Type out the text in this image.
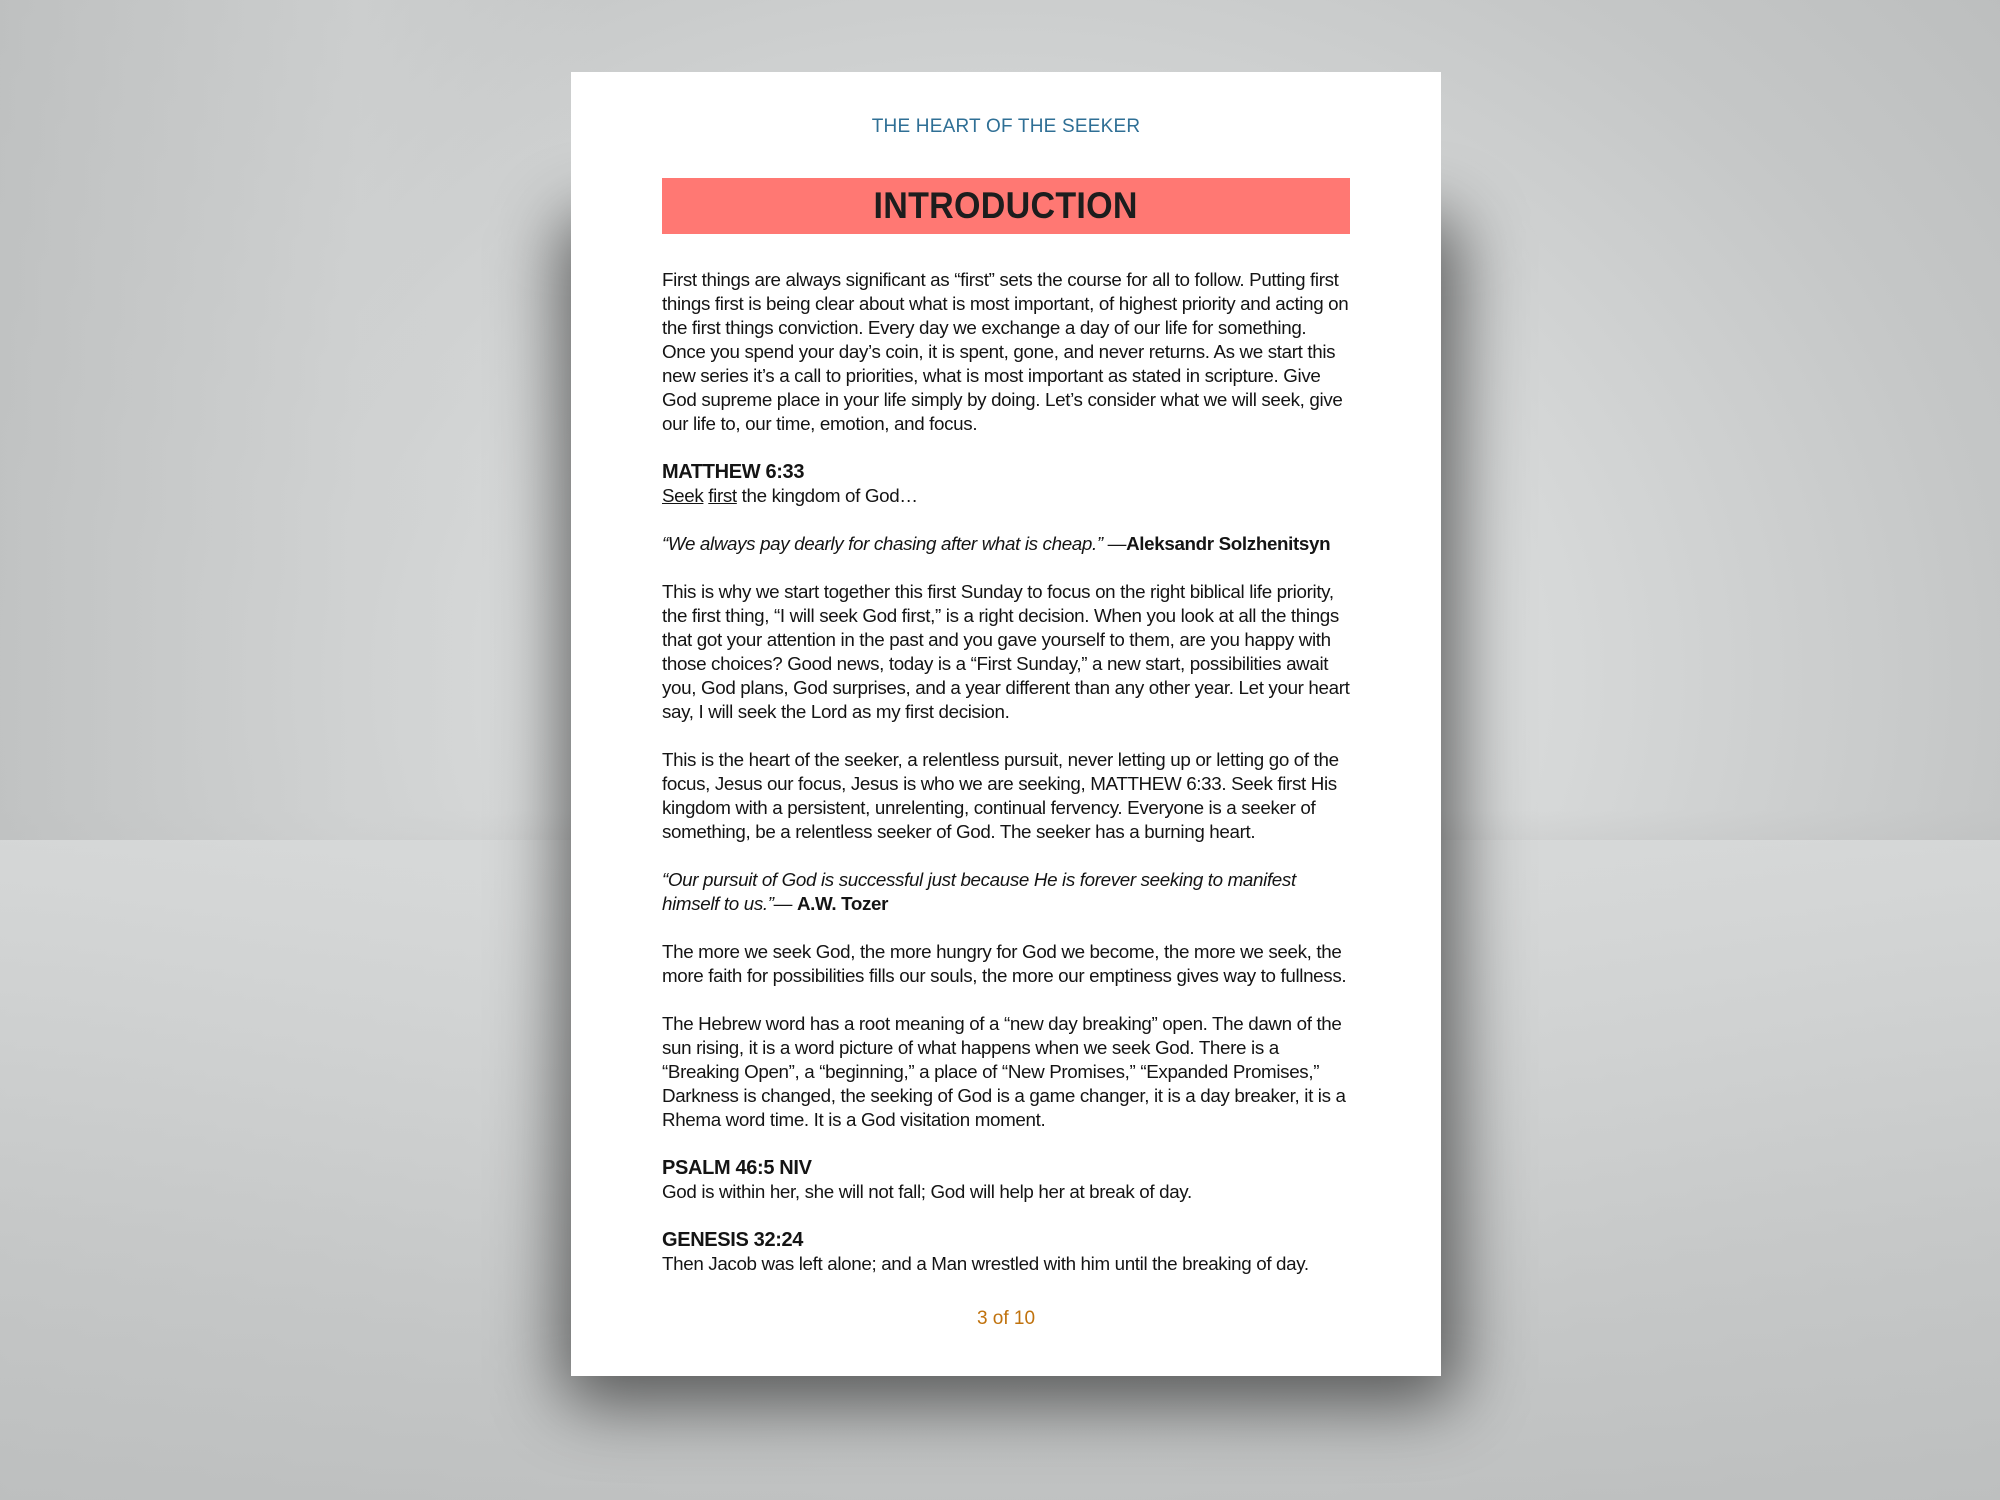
THE HEART OF THE SEEKER
INTRODUCTION

First things are always significant as “first” sets the course for all to follow. Putting first things first is being clear about what is most important, of highest priority and acting on the first things conviction. Every day we exchange a day of our life for something. Once you spend your day’s coin, it is spent, gone, and never returns. As we start this new series it’s a call to priorities, what is most important as stated in scripture. Give God supreme place in your life simply by doing. Let’s consider what we will seek, give our life to, our time, emotion, and focus.

MATTHEW 6:33
Seek first the kingdom of God…

“We always pay dearly for chasing after what is cheap.” —Aleksandr Solzhenitsyn

This is why we start together this first Sunday to focus on the right biblical life priority, the first thing, “I will seek God first,” is a right decision. When you look at all the things that got your attention in the past and you gave yourself to them, are you happy with those choices? Good news, today is a “First Sunday,” a new start, possibilities await you, God plans, God surprises, and a year different than any other year. Let your heart say, I will seek the Lord as my first decision.

This is the heart of the seeker, a relentless pursuit, never letting up or letting go of the focus, Jesus our focus, Jesus is who we are seeking, MATTHEW 6:33. Seek first His kingdom with a persistent, unrelenting, continual fervency. Everyone is a seeker of something, be a relentless seeker of God. The seeker has a burning heart.

“Our pursuit of God is successful just because He is forever seeking to manifest himself to us.”— A.W. Tozer

The more we seek God, the more hungry for God we become, the more we seek, the more faith for possibilities fills our souls, the more our emptiness gives way to fullness.

The Hebrew word has a root meaning of a “new day breaking” open. The dawn of the sun rising, it is a word picture of what happens when we seek God. There is a “Breaking Open”, a “beginning,” a place of “New Promises,” “Expanded Promises,” Darkness is changed, the seeking of God is a game changer, it is a day breaker, it is a Rhema word time. It is a God visitation moment.

PSALM 46:5 NIV
God is within her, she will not fall; God will help her at break of day.

GENESIS 32:24
Then Jacob was left alone; and a Man wrestled with him until the breaking of day.

3 of 10
